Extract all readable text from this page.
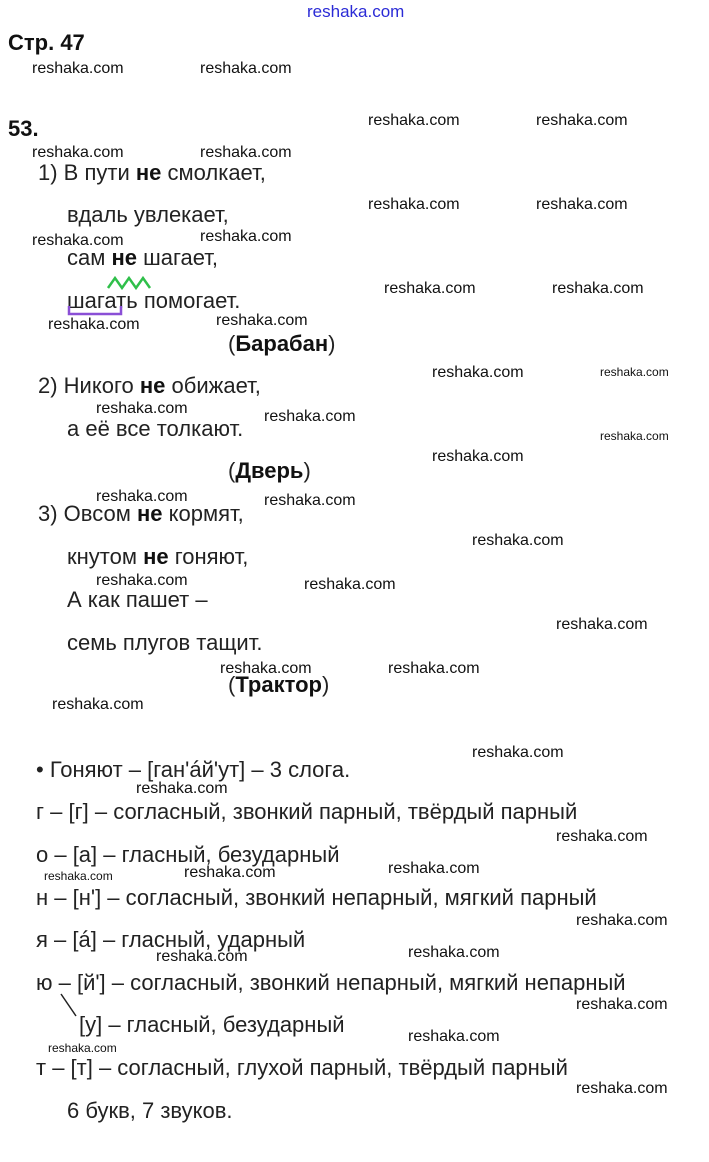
reshaka.com
Стр. 47
53.
1) В пути не смолкает,
вдаль увлекает,
сам не шагает,
шагать помогает.
(Барабан)
2) Никого не обижает,
а её все толкают.
(Дверь)
3) Овсом не кормят,
кнутом не гоняют,
А как пашет –
семь плугов тащит.
(Трактор)
• Гоняют – [ган'áй'ут] – 3 слога.
г – [г] – согласный, звонкий парный, твёрдый парный
о – [а] – гласный, безударный
н – [н'] – согласный, звонкий непарный, мягкий парный
я – [á] – гласный, ударный
ю – [й'] – согласный, звонкий непарный, мягкий непарный
[у] – гласный, безударный
т – [т] – согласный, глухой парный, твёрдый парный
6 букв, 7 звуков.
reshaka.com	reshaka.com
reshaka.com	reshaka.com
reshaka.com	reshaka.com
reshaka.com	reshaka.com
reshaka.com
reshaka.com
reshaka.com	reshaka.com
reshaka.com
reshaka.com
reshaka.com	reshaka.com
reshaka.com	reshaka.com
reshaka.com
reshaka.com
reshaka.com	reshaka.com
reshaka.com
reshaka.com	reshaka.com
reshaka.com
reshaka.com	reshaka.com
reshaka.com
reshaka.com
reshaka.com
reshaka.com
reshaka.com
reshaka.com
reshaka.com
reshaka.com
reshaka.com
reshaka.com
reshaka.com
reshaka.com
reshaka.com
reshaka.com
